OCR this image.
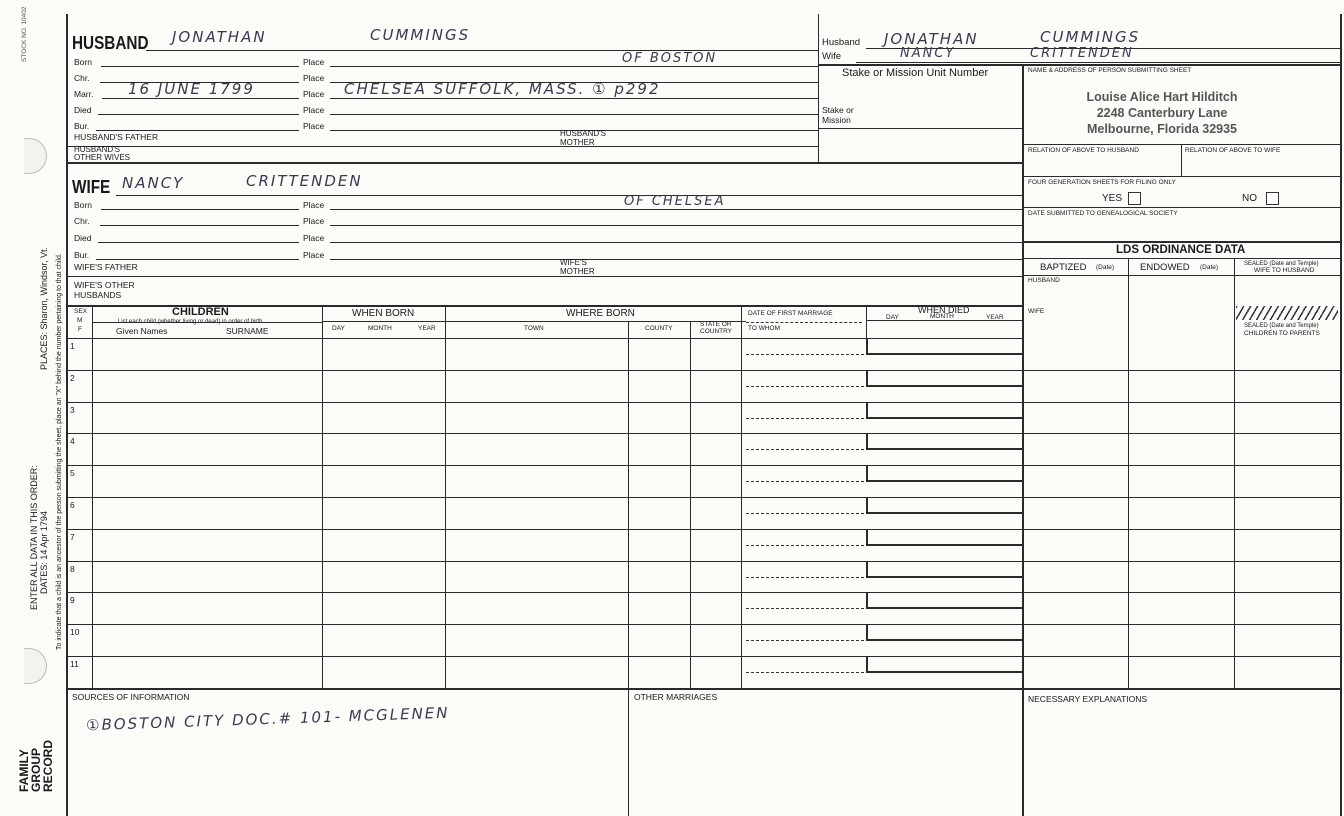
STOCK NO. 10402
PLACES: Sharon, Windsor, Vt.
ENTER ALL DATA IN THIS ORDER: DATES: 14 Apr 1794 To indicate that a child is an ancestor of the person submitting the sheet, place an "X" behind the number pertaining to that child.
FAMILY
GROUP
RECORD
HUSBAND JONATHAN	CUMMINGS
Born	Place	OF BOSTON
Chr.	Place
Marr. 16 JUNE 1799	Place CHELSEA SUFFOLK, MASS. ① p292
Died	Place
Bur.	Place
HUSBAND'S FATHER	HUSBAND'S
MOTHER
HUSBAND'S
OTHER WIVES
WIFE NANCY	CRITTENDEN
Born	Place	OF CHELSEA
Chr.	Place
Died	Place
Bur.	Place
WIFE'S FATHER	WIFE'S
MOTHER
WIFE'S OTHER
HUSBANDS
Husband JONATHAN	CUMMINGS
Wife	NANCY	CRITTENDEN
Stake or Mission Unit Number
Stake or
Mission
NAME & ADDRESS OF PERSON SUBMITTING SHEET
Louise Alice Hart Hilditch
2248 Canterbury Lane
Melbourne, Florida 32935
RELATION OF ABOVE TO HUSBAND	RELATION OF ABOVE TO WIFE
FOUR GENERATION SHEETS FOR FILING ONLY
YES	NO
DATE SUBMITTED TO GENEALOGICAL SOCIETY
LDS ORDINANCE DATA
BAPTIZED (Date)	ENDOWED (Date)	SEALED (Date and Temple)
WIFE TO HUSBAND
HUSBAND
WIFE
SEALED (Date and Temple)
CHILDREN TO PARENTS
SEX
M
F
CHILDREN
List each child (whether living or dead) in order of birth
Given Names	SURNAME
WHEN BORN
DAY	MONTH	YEAR
WHERE BORN
TOWN	COUNTY
STATE OR
COUNTRY
DATE OF FIRST MARRIAGE
TO WHOM
WHEN DIED
DAY	MONTH	YEAR
1
2
3
4
5
6
7
8
9
10
11
SOURCES OF INFORMATION
①BOSTON CITY DOC.# 101- MCGLENEN
OTHER MARRIAGES	NECESSARY EXPLANATIONS
